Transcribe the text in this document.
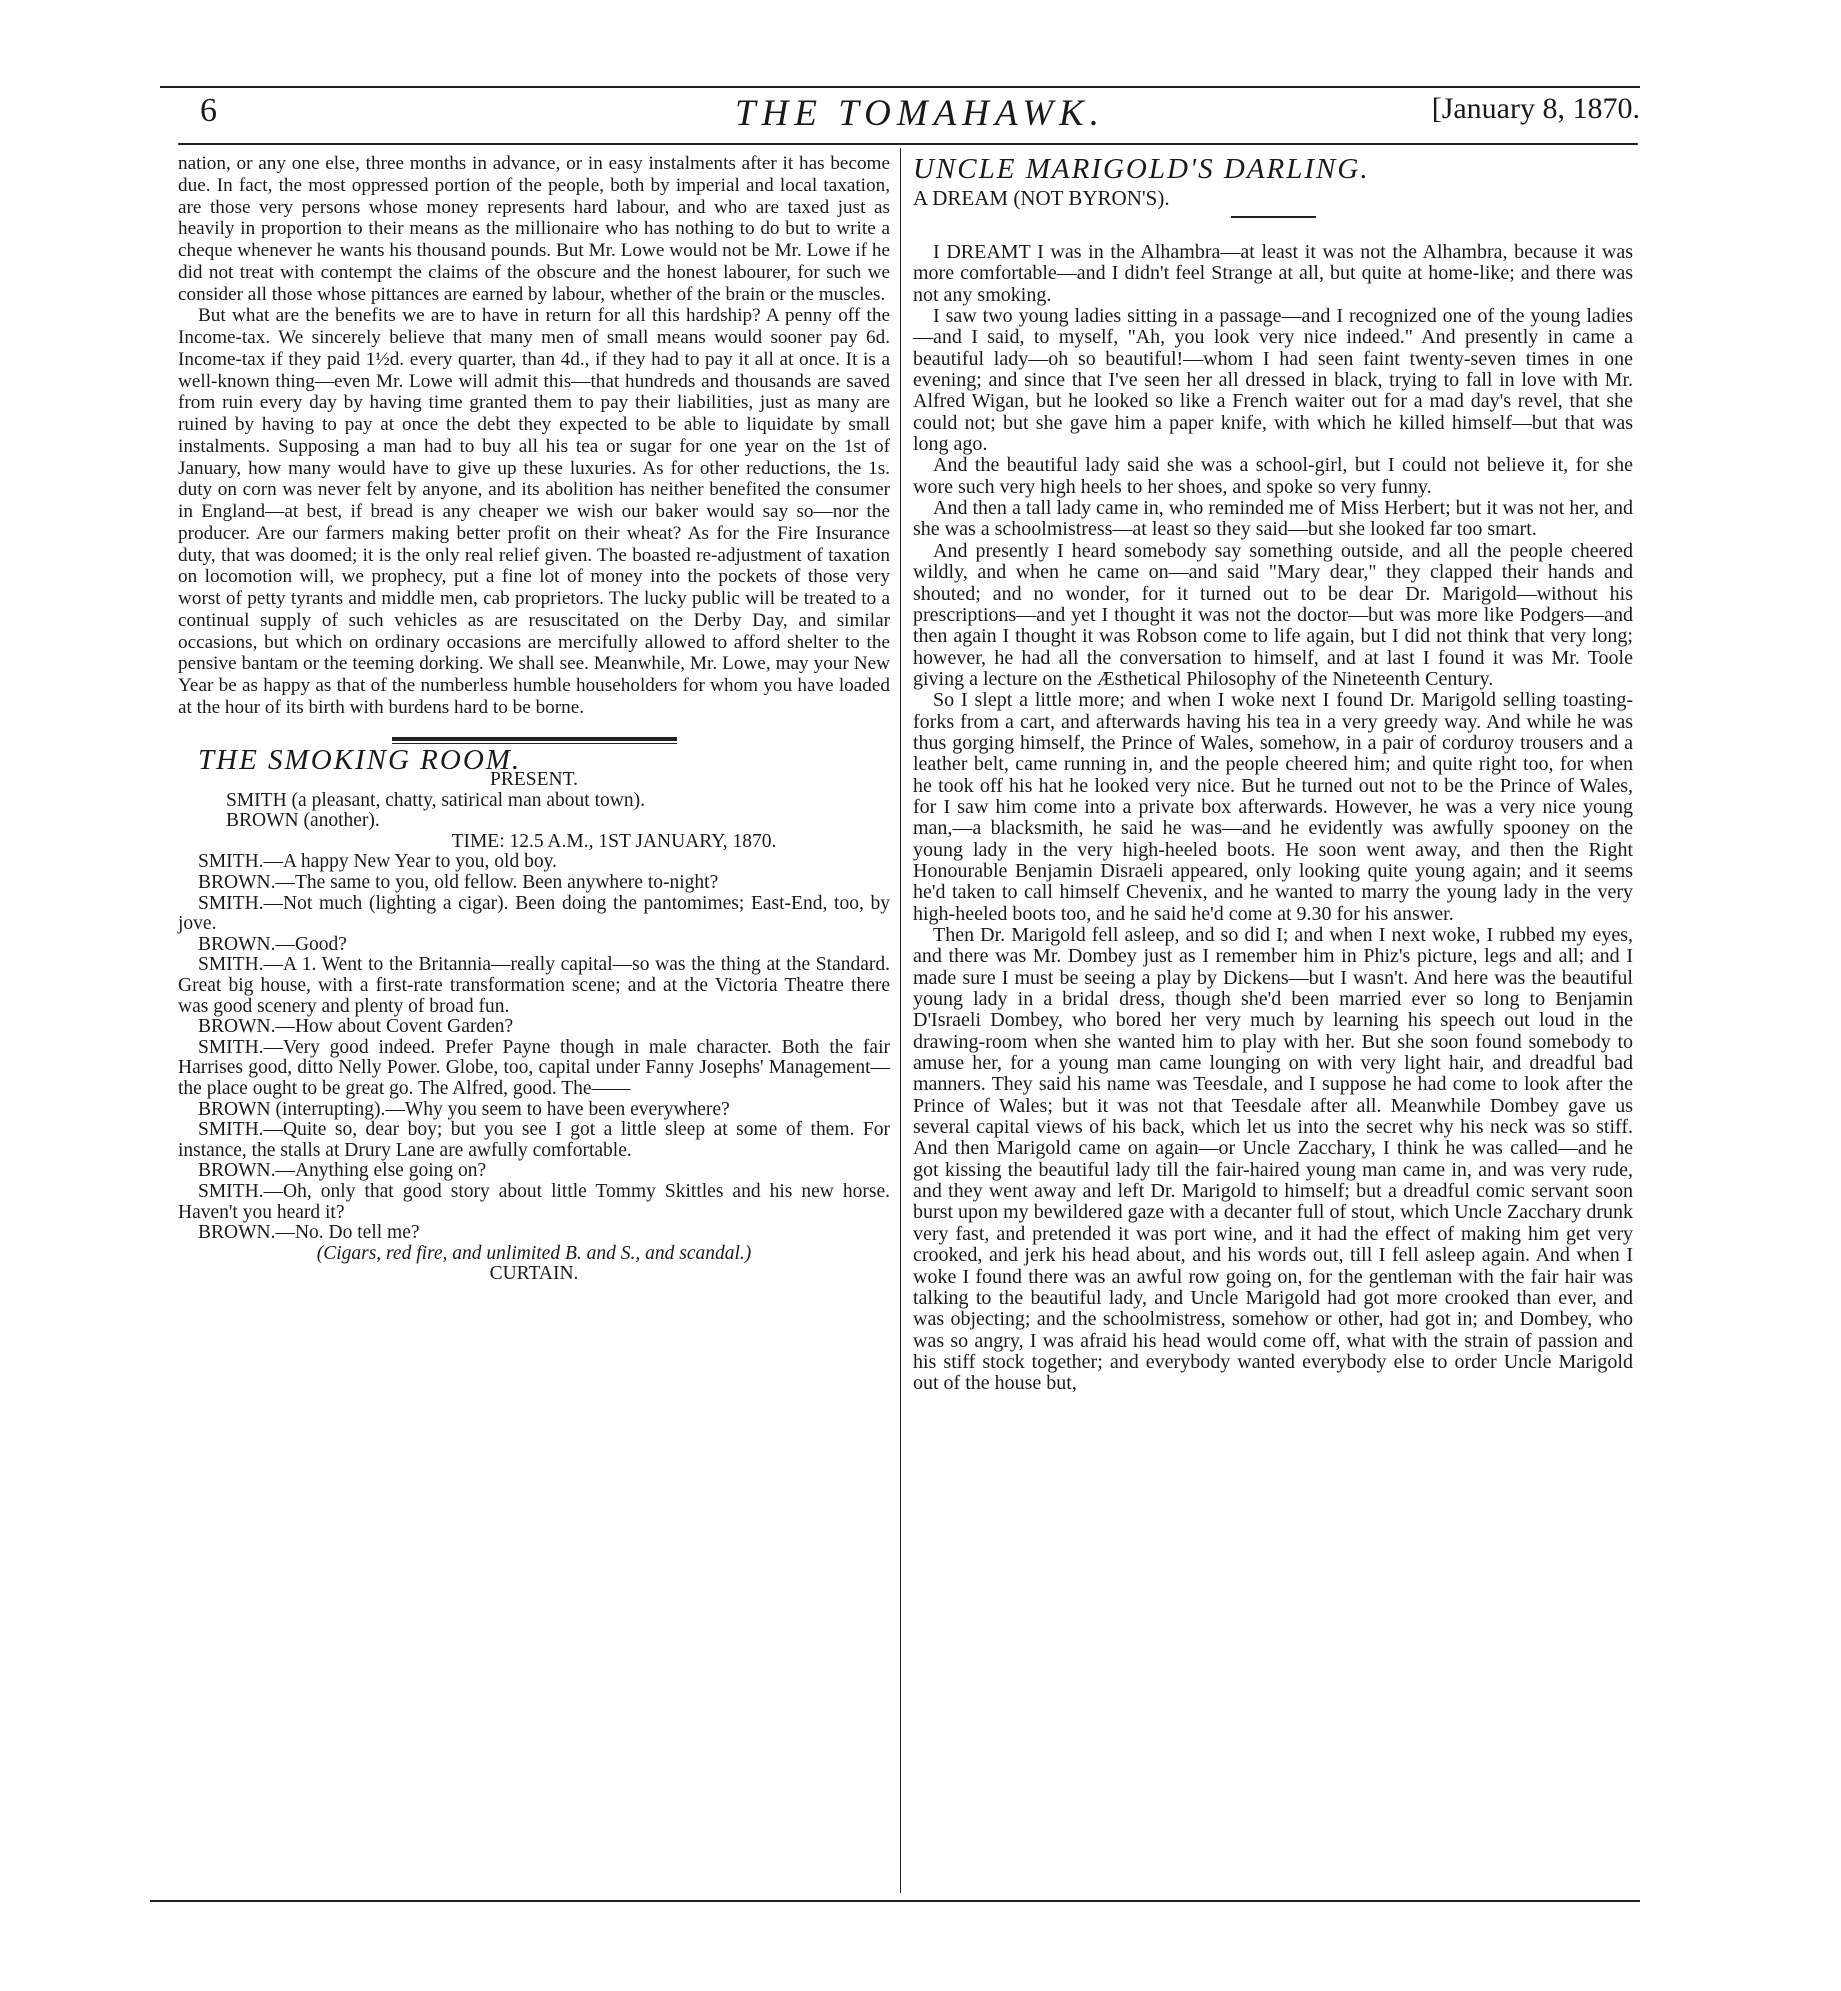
6	THE TOMAHAWK.	[January 8, 1870.

nation, or any one else, three months in advance, or in easy instalments after it has become due. In fact, the most oppressed portion of the people, both by imperial and local taxation, are those very persons whose money represents hard labour, and who are taxed just as heavily in proportion to their means as the millionaire who has nothing to do but to write a cheque whenever he wants his thousand pounds. But Mr. Lowe would not be Mr. Lowe if he did not treat with contempt the claims of the obscure and the honest labourer, for such we consider all those whose pittances are earned by labour, whether of the brain or the muscles.

But what are the benefits we are to have in return for all this hardship? A penny off the Income-tax. We sincerely believe that many men of small means would sooner pay 6d. Income-tax if they paid 1½d. every quarter, than 4d., if they had to pay it all at once. It is a well-known thing—even Mr. Lowe will admit this—that hundreds and thousands are saved from ruin every day by having time granted them to pay their liabilities, just as many are ruined by having to pay at once the debt they expected to be able to liquidate by small instalments. Supposing a man had to buy all his tea or sugar for one year on the 1st of January, how many would have to give up these luxuries. As for other reductions, the 1s. duty on corn was never felt by anyone, and its abolition has neither benefited the consumer in England—at best, if bread is any cheaper we wish our baker would say so—nor the producer. Are our farmers making better profit on their wheat? As for the Fire Insurance duty, that was doomed; it is the only real relief given. The boasted re-adjustment of taxation on locomotion will, we prophecy, put a fine lot of money into the pockets of those very worst of petty tyrants and middle men, cab proprietors. The lucky public will be treated to a continual supply of such vehicles as are resuscitated on the Derby Day, and similar occasions, but which on ordinary occasions are mercifully allowed to afford shelter to the pensive bantam or the teeming dorking. We shall see. Meanwhile, Mr. Lowe, may your New Year be as happy as that of the numberless humble householders for whom you have loaded at the hour of its birth with burdens hard to be borne.

THE SMOKING ROOM.

PRESENT.

SMITH (a pleasant, chatty, satirical man about town).

BROWN (another).

TIME: 12.5 A.M., 1ST JANUARY, 1870.

SMITH.—A happy New Year to you, old boy.

BROWN.—The same to you, old fellow. Been anywhere to-night?

SMITH.—Not much (lighting a cigar). Been doing the pantomimes; East-End, too, by jove.

BROWN.—Good?

SMITH.—A 1. Went to the Britannia—really capital—so was the thing at the Standard. Great big house, with a first-rate transformation scene; and at the Victoria Theatre there was good scenery and plenty of broad fun.

BROWN.—How about Covent Garden?

SMITH.—Very good indeed. Prefer Payne though in male character. Both the fair Harrises good, ditto Nelly Power. Globe, too, capital under Fanny Josephs' Management—the place ought to be great go. The Alfred, good. The——

BROWN (interrupting).—Why you seem to have been everywhere?

SMITH.—Quite so, dear boy; but you see I got a little sleep at some of them. For instance, the stalls at Drury Lane are awfully comfortable.

BROWN.—Anything else going on?

SMITH.—Oh, only that good story about little Tommy Skittles and his new horse. Haven't you heard it?

BROWN.—No. Do tell me?

(Cigars, red fire, and unlimited B. and S., and scandal.)

CURTAIN.

UNCLE MARIGOLD'S DARLING.

A DREAM (NOT BYRON'S).

I DREAMT I was in the Alhambra—at least it was not the Alhambra, because it was more comfortable—and I didn't feel Strange at all, but quite at home-like; and there was not any smoking.

I saw two young ladies sitting in a passage—and I recognized one of the young ladies—and I said, to myself, "Ah, you look very nice indeed." And presently in came a beautiful lady—oh so beautiful!—whom I had seen faint twenty-seven times in one evening; and since that I've seen her all dressed in black, trying to fall in love with Mr. Alfred Wigan, but he looked so like a French waiter out for a mad day's revel, that she could not; but she gave him a paper knife, with which he killed himself—but that was long ago.

And the beautiful lady said she was a school-girl, but I could not believe it, for she wore such very high heels to her shoes, and spoke so very funny.

And then a tall lady came in, who reminded me of Miss Herbert; but it was not her, and she was a schoolmistress—at least so they said—but she looked far too smart.

And presently I heard somebody say something outside, and all the people cheered wildly, and when he came on—and said "Mary dear," they clapped their hands and shouted; and no wonder, for it turned out to be dear Dr. Marigold—without his prescriptions—and yet I thought it was not the doctor—but was more like Podgers—and then again I thought it was Robson come to life again, but I did not think that very long; however, he had all the conversation to himself, and at last I found it was Mr. Toole giving a lecture on the Æsthetical Philosophy of the Nineteenth Century.

So I slept a little more; and when I woke next I found Dr. Marigold selling toasting-forks from a cart, and afterwards having his tea in a very greedy way. And while he was thus gorging himself, the Prince of Wales, somehow, in a pair of corduroy trousers and a leather belt, came running in, and the people cheered him; and quite right too, for when he took off his hat he looked very nice. But he turned out not to be the Prince of Wales, for I saw him come into a private box afterwards. However, he was a very nice young man,—a blacksmith, he said he was—and he evidently was awfully spooney on the young lady in the very high-heeled boots. He soon went away, and then the Right Honourable Benjamin Disraeli appeared, only looking quite young again; and it seems he'd taken to call himself Chevenix, and he wanted to marry the young lady in the very high-heeled boots too, and he said he'd come at 9.30 for his answer.

Then Dr. Marigold fell asleep, and so did I; and when I next woke, I rubbed my eyes, and there was Mr. Dombey just as I remember him in Phiz's picture, legs and all; and I made sure I must be seeing a play by Dickens—but I wasn't. And here was the beautiful young lady in a bridal dress, though she'd been married ever so long to Benjamin D'Israeli Dombey, who bored her very much by learning his speech out loud in the drawing-room when she wanted him to play with her. But she soon found somebody to amuse her, for a young man came lounging on with very light hair, and dreadful bad manners. They said his name was Teesdale, and I suppose he had come to look after the Prince of Wales; but it was not that Teesdale after all. Meanwhile Dombey gave us several capital views of his back, which let us into the secret why his neck was so stiff. And then Marigold came on again—or Uncle Zacchary, I think he was called—and he got kissing the beautiful lady till the fair-haired young man came in, and was very rude, and they went away and left Dr. Marigold to himself; but a dreadful comic servant soon burst upon my bewildered gaze with a decanter full of stout, which Uncle Zacchary drunk very fast, and pretended it was port wine, and it had the effect of making him get very crooked, and jerk his head about, and his words out, till I fell asleep again. And when I woke I found there was an awful row going on, for the gentleman with the fair hair was talking to the beautiful lady, and Uncle Marigold had got more crooked than ever, and was objecting; and the schoolmistress, somehow or other, had got in; and Dombey, who was so angry, I was afraid his head would come off, what with the strain of passion and his stiff stock together; and everybody wanted everybody else to order Uncle Marigold out of the house but,
